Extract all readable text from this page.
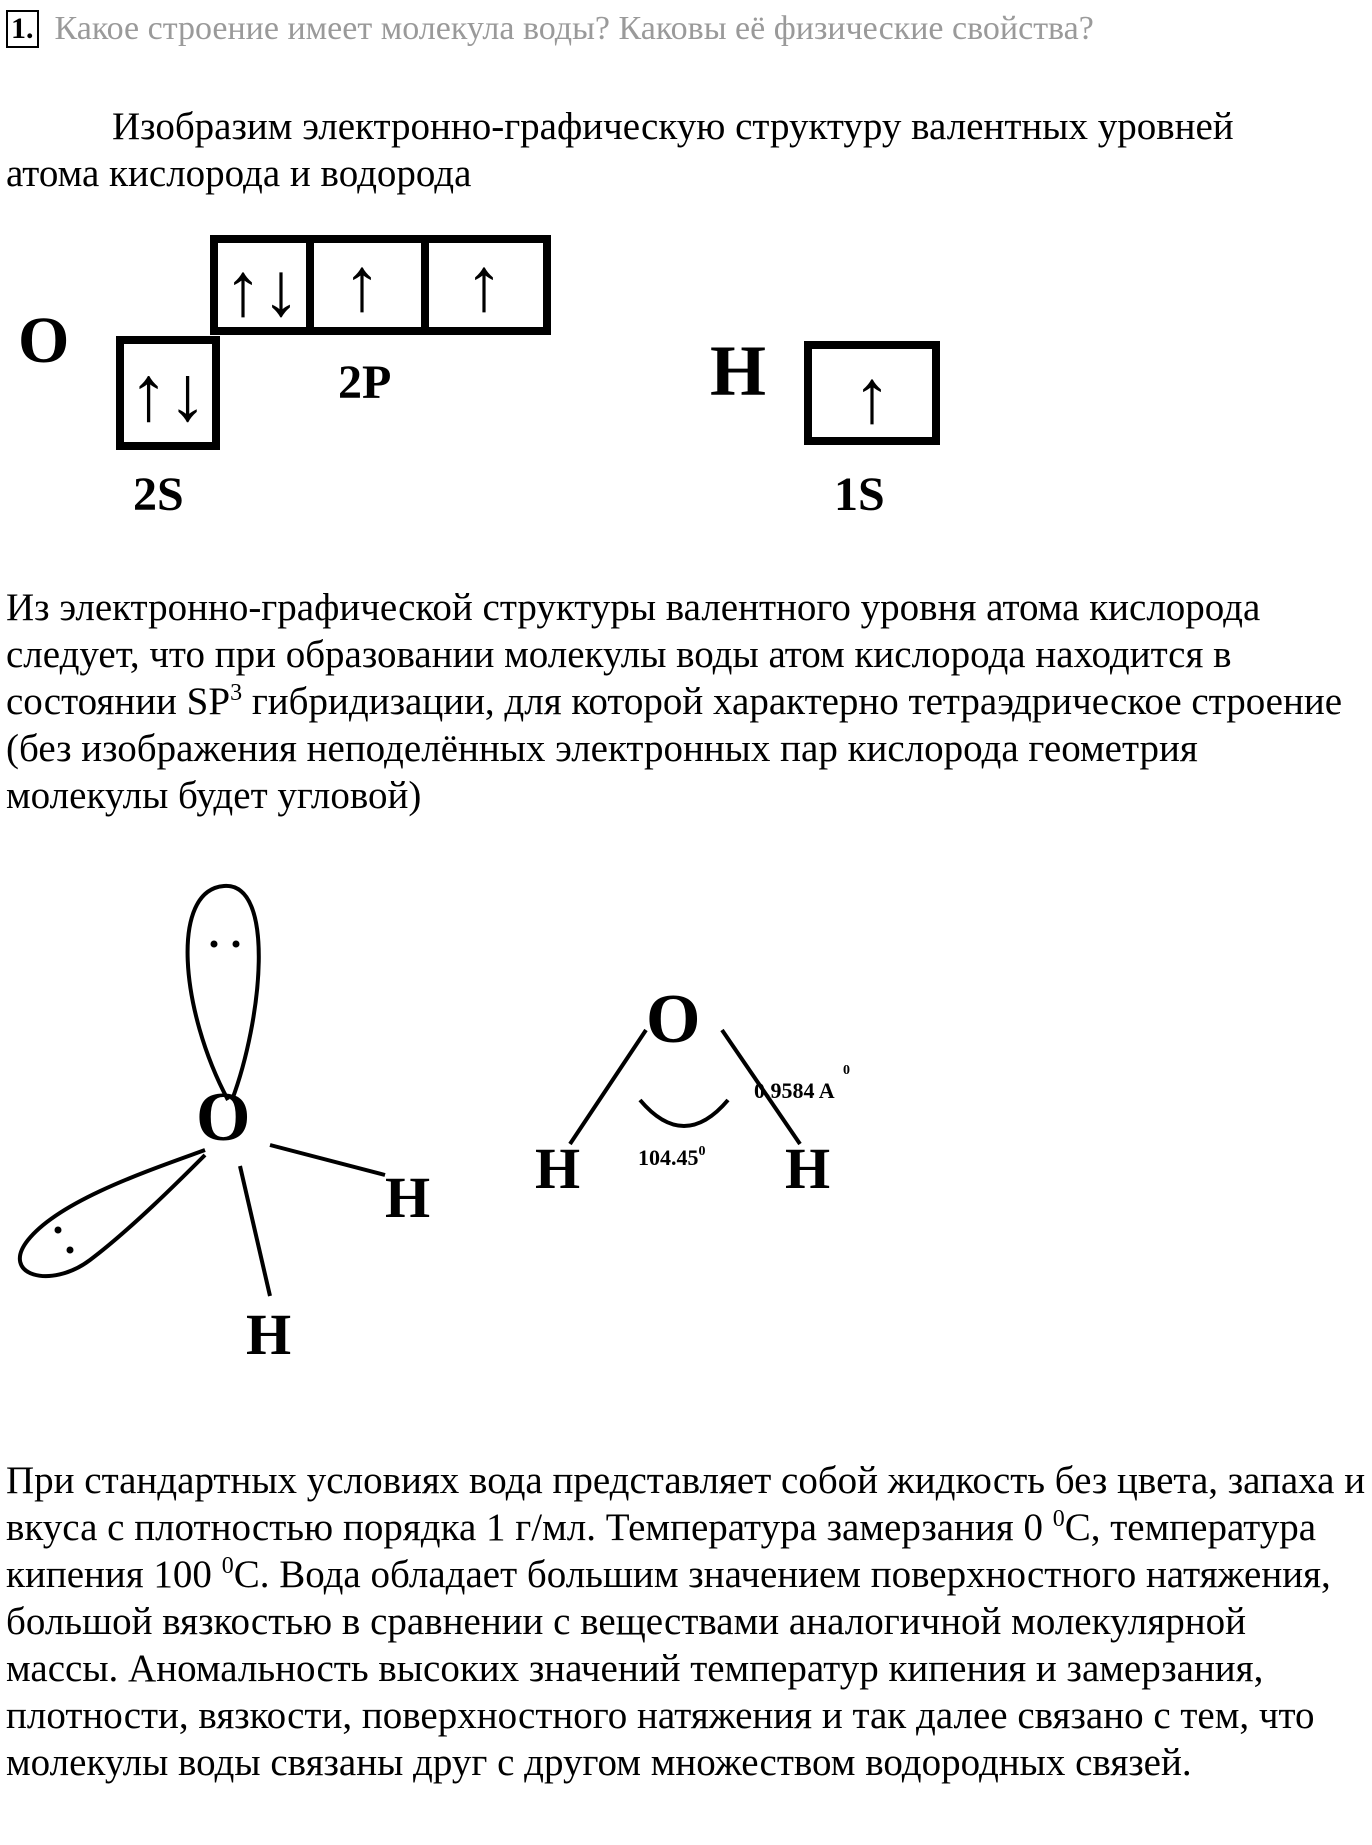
1. Какое строение имеет молекула воды? Каковы её физические свойства?

Изобразим электронно-графическую структуру валентных уровней
атома кислорода и водорода

O
↑↓
↑↓ ↑ ↑
2P
2S
H ↑
1S

Из электронно-графической структуры валентного уровня атома кислорода следует, что при образовании молекулы воды атом кислорода находится в состоянии $SP^3$ гибридизации, для которой характерно тетраэдрическое строение (без изображения неподелённых электронных пар кислорода геометрия молекулы будет угловой)

O
H
H
O
H	H
104.45$^0$
0.9584 A
0

При стандартных условиях вода представляет собой жидкость без цвета, запаха и вкуса с плотностью порядка 1 г/мл. Температура замерзания 0 $^0$С, температура кипения 100 $^0$С. Вода обладает большим значением поверхностного натяжения, большой вязкостью в сравнении с веществами аналогичной молекулярной массы. Аномальность высоких значений температур кипения и замерзания, плотности, вязкости, поверхностного натяжения и так далее связано с тем, что молекулы воды связаны друг с другом множеством водородных связей.
